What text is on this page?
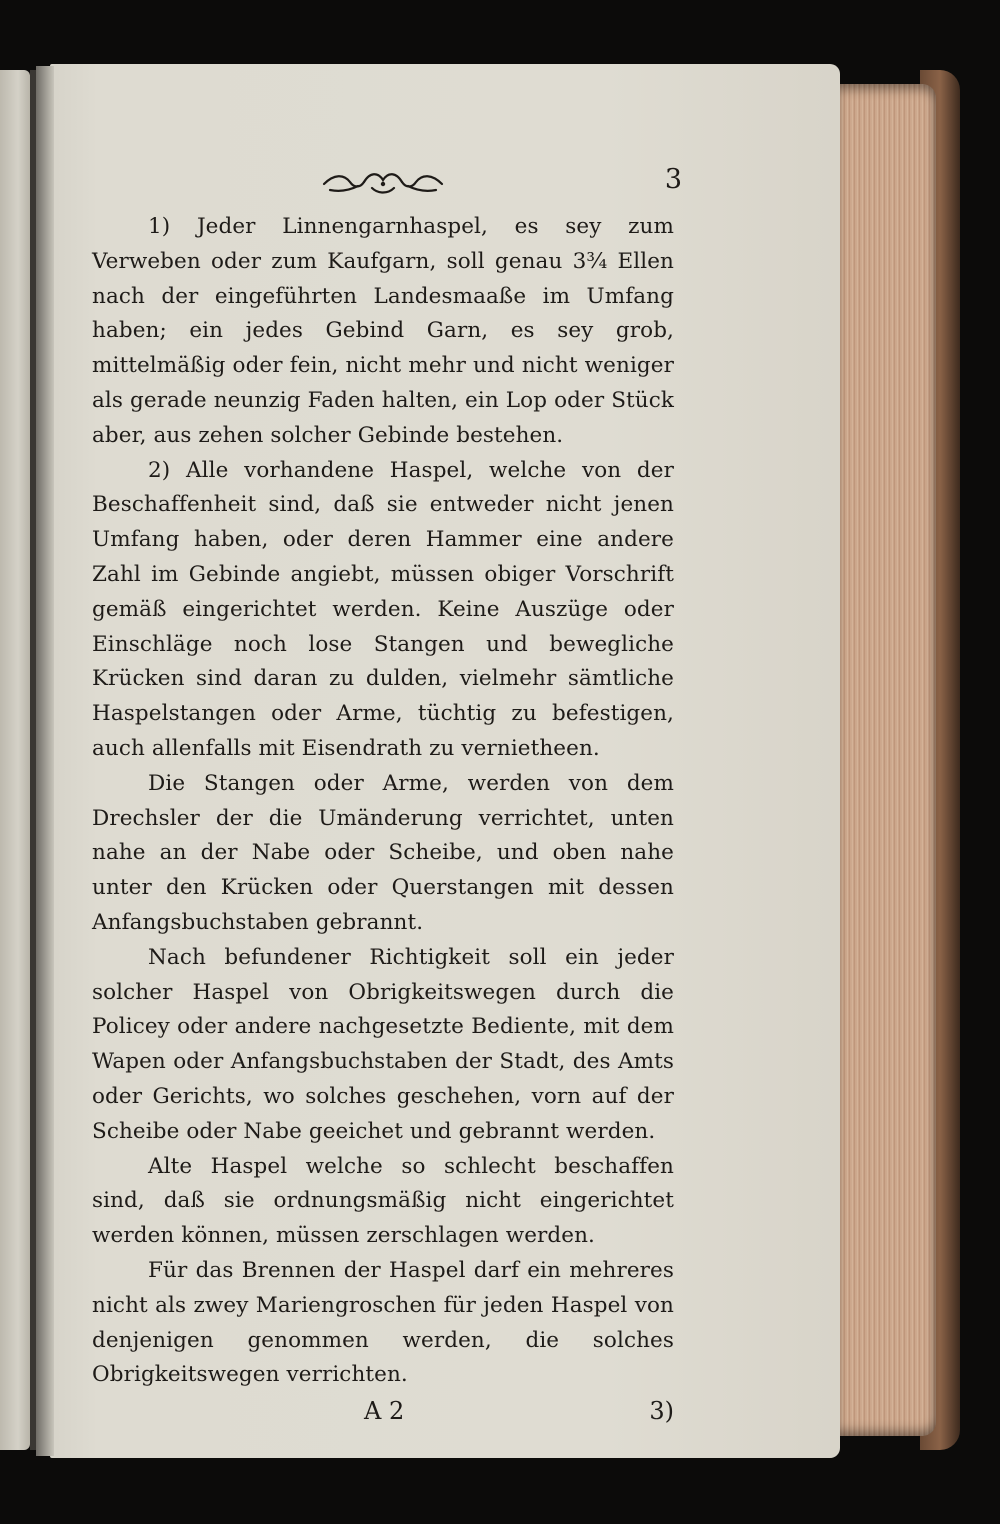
3

1) Jeder Linnengarnhaspel, es sey zum Verweben oder zum Kaufgarn, soll genau 3¾ Ellen nach der eingeführten Landesmaaße im Umfang haben; ein jedes Gebind Garn, es sey grob, mittelmäßig oder fein, nicht mehr und nicht weniger als gerade neunzig Faden halten, ein Lop oder Stück aber, aus zehen solcher Gebinde bestehen.

2) Alle vorhandene Haspel, welche von der Beschaffenheit sind, daß sie entweder nicht jenen Umfang haben, oder deren Hammer eine andere Zahl im Gebinde angiebt, müssen obiger Vorschrift gemäß eingerichtet werden. Keine Auszüge oder Einschläge noch lose Stangen und bewegliche Krücken sind daran zu dulden, vielmehr sämtliche Haspelstangen oder Arme, tüchtig zu befestigen, auch allenfalls mit Eisendrath zu vernietheen.

Die Stangen oder Arme, werden von dem Drechsler der die Umänderung verrichtet, unten nahe an der Nabe oder Scheibe, und oben nahe unter den Krücken oder Querstangen mit dessen Anfangsbuchstaben gebrannt.

Nach befundener Richtigkeit soll ein jeder solcher Haspel von Obrigkeitswegen durch die Policey oder andere nachgesetzte Bediente, mit dem Wapen oder Anfangsbuchstaben der Stadt, des Amts oder Gerichts, wo solches geschehen, vorn auf der Scheibe oder Nabe geeichet und gebrannt werden.

Alte Haspel welche so schlecht beschaffen sind, daß sie ordnungsmäßig nicht eingerichtet werden können, müssen zerschlagen werden.

Für das Brennen der Haspel darf ein mehreres nicht als zwey Mariengroschen für jeden Haspel von denjenigen genommen werden, die solches Obrigkeitswegen verrichten.

A 2	3)
